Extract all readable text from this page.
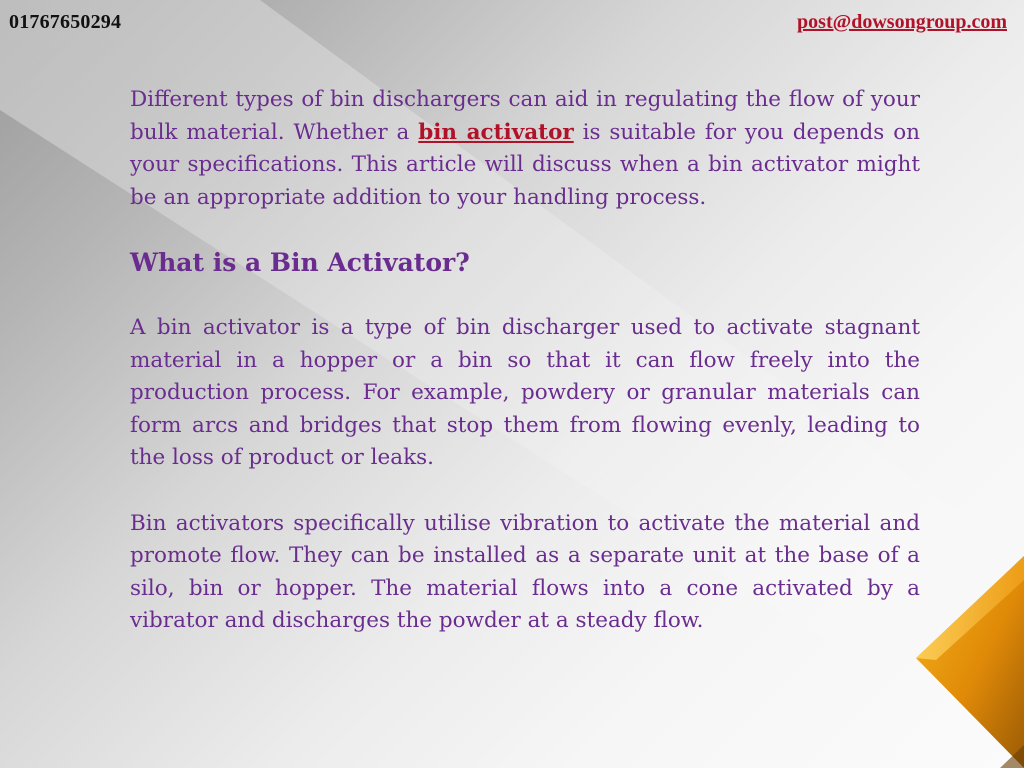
01767650294	post@dowsongroup.com

Different types of bin dischargers can aid in regulating the flow of your bulk material. Whether a bin activator is suitable for you depends on your specifications. This article will discuss when a bin activator might be an appropriate addition to your handling process.

What is a Bin Activator?

A bin activator is a type of bin discharger used to activate stagnant material in a hopper or a bin so that it can flow freely into the production process. For example, powdery or granular materials can form arcs and bridges that stop them from flowing evenly, leading to the loss of product or leaks.

Bin activators specifically utilise vibration to activate the material and promote flow. They can be installed as a separate unit at the base of a silo, bin or hopper. The material flows into a cone activated by a vibrator and discharges the powder at a steady flow.
